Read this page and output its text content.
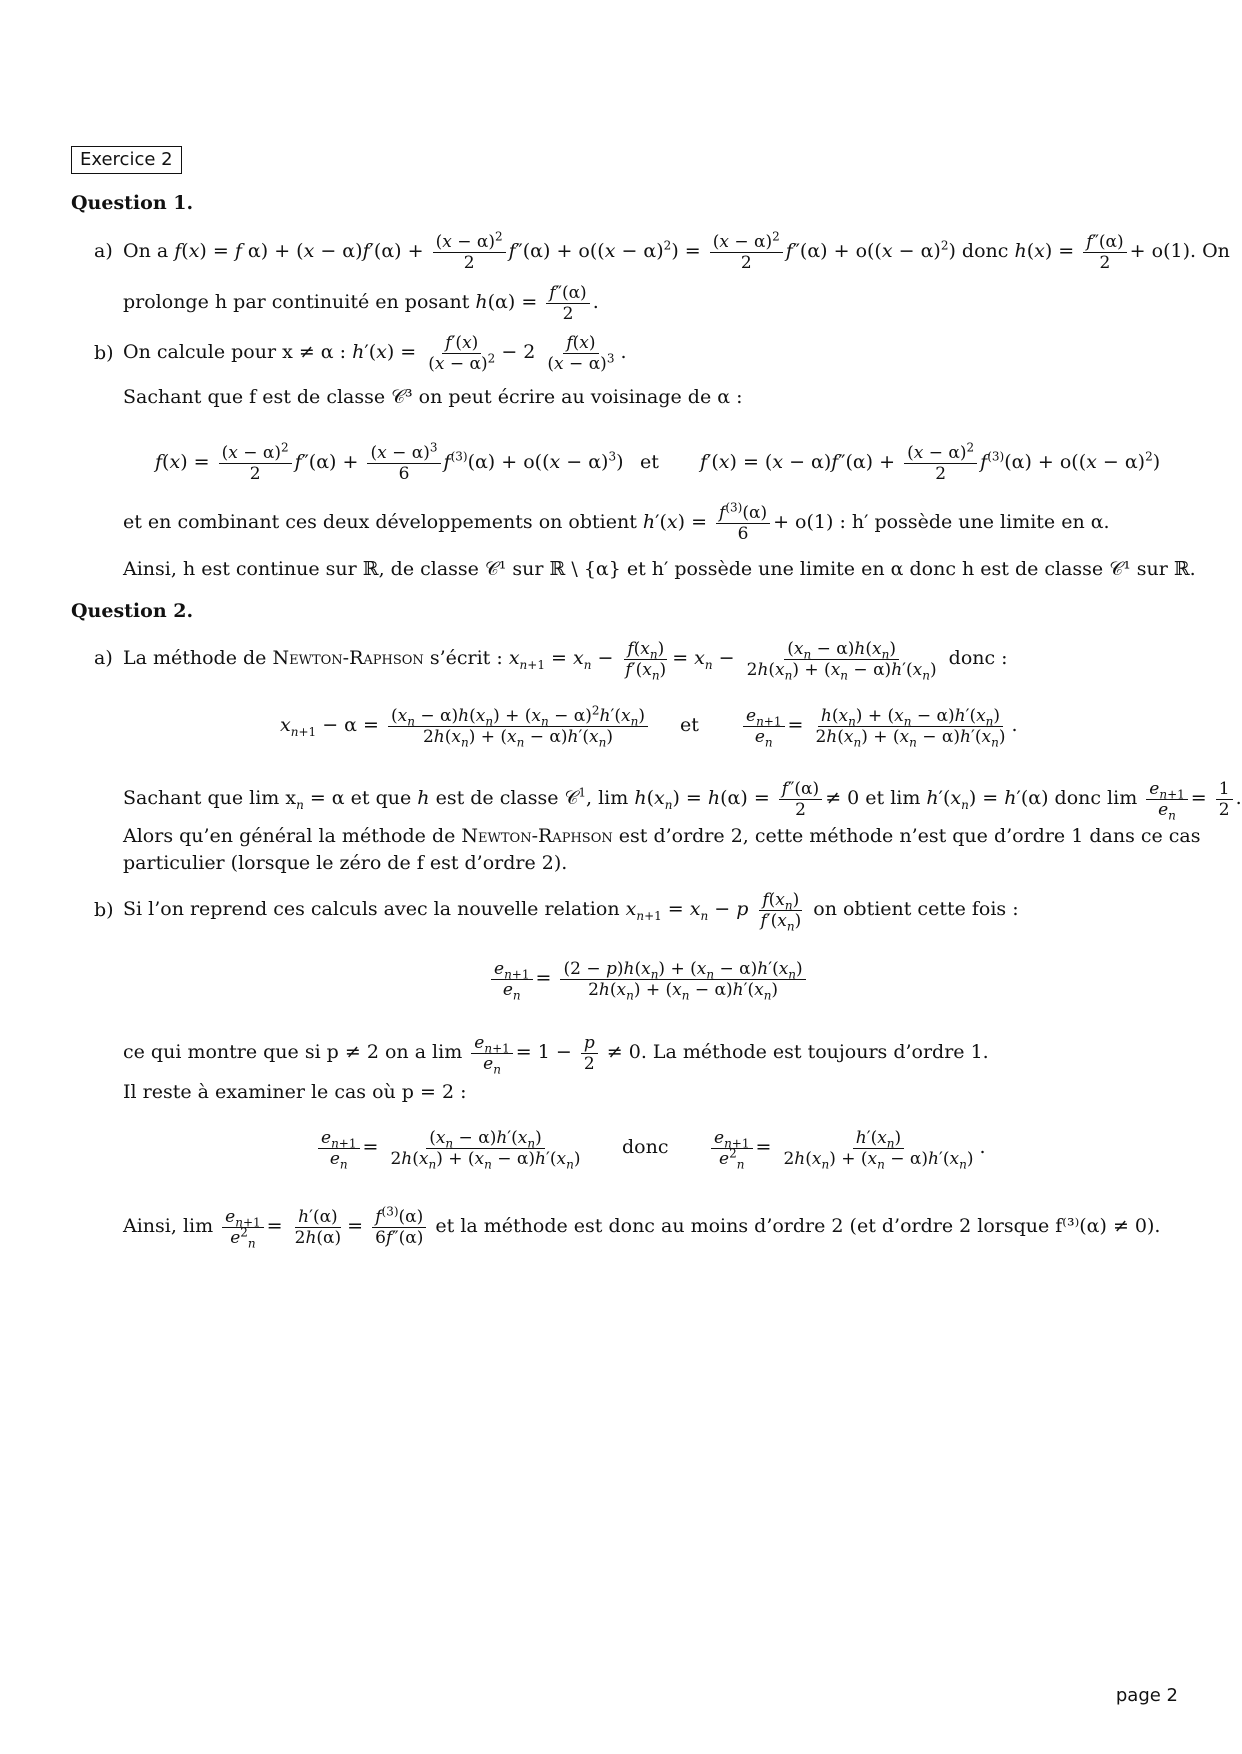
Exercice 2
Question 1.
a) On a f(x) = f $\alpha) + (x - \alpha)f'(\alpha) + \frac{(x - \alpha)^2}{2} f''(\alpha) + o((x - \alpha)^2) = \frac{(x - \alpha)^2}{2} f''(\alpha) + o((x - \alpha)^2)$ donc $h(x) = \frac{f''(\alpha)}{2} + o(1)$. On
prolonge h par continuité en posant $h(\alpha) = \frac{f''(\alpha)}{2}$ .
b) On calcule pour x ≠ α : $h'(x) = \frac{f'(x)}{(x - \alpha)^2} - 2 \frac{f(x)}{(x - \alpha)^3}$ .
Sachant que f est de classe 𝒞³ on peut écrire au voisinage de α :
$f(x) = \frac{(x - \alpha)^2}{2} f''(\alpha) + \frac{(x - \alpha)^3}{6} f^{(3)}(\alpha) + o((x - \alpha)^3)$ et $f'(x) = (x - \alpha)f''(\alpha) + \frac{(x - \alpha)^2}{2} f^{(3)}(\alpha) + o((x - \alpha)^2)$
et en combinant ces deux développements on obtient $h'(x) = \frac{f^{(3)}(\alpha)}{6} + o(1)$ : h′ possède une limite en α.
Ainsi, h est continue sur ℝ, de classe 𝒞¹ sur ℝ \ {α} et h′ possède une limite en α donc h est de classe 𝒞¹ sur ℝ.
Question 2.
a) La méthode de Newton-Raphson s’écrit : $x_{n+1} = x_n - \frac{f(x_n)}{f'(x_n)} = x_n - \frac{(x_n - \alpha)h(x_n)}{2h(x_n) + (x_n - \alpha)h'(x_n)}$ donc :
$x_{n+1} - \alpha = \frac{(x_n - \alpha)h(x_n) + (x_n - \alpha)^2h'(x_n)}{2h(x_n) + (x_n - \alpha)h'(x_n)}$ et	$\frac{e_{n+1}}{e_n} = \frac{h(x_n) + (x_n - \alpha)h'(x_n)}{2h(x_n) + (x_n - \alpha)h'(x_n)}$ .
Sachant que $\lim x_n = \alpha$ et que h est de classe 𝒞$^1$, $\lim h(x_n) = h(\alpha) = \frac{f''(\alpha)}{2} \ne 0$ et $\lim h'(x_n) = h'(\alpha)$ donc $\lim \frac{e_{n+1}}{e_n} = \frac{1}{2}$ .
Alors qu’en général la méthode de Newton-Raphson est d’ordre 2, cette méthode n’est que d’ordre 1 dans ce cas
particulier (lorsque le zéro de f est d’ordre 2).
b) Si l’on reprend ces calculs avec la nouvelle relation $x_{n+1} = x_n - p \frac{f(x_n)}{f'(x_n)}$ on obtient cette fois :
$\frac{e_{n+1}}{e_n} = \frac{(2 - p)h(x_n) + (x_n - \alpha)h'(x_n)}{2h(x_n) + (x_n - \alpha)h'(x_n)}$
ce qui montre que si p ≠ 2 on a $\lim \frac{e_{n+1}}{e_n} = 1 - \frac{p}{2} \ne 0$. La méthode est toujours d’ordre 1.
Il reste à examiner le cas où p = 2 :
$\frac{e_{n+1}}{e_n} = \frac{(x_n - \alpha)h'(x_n)}{2h(x_n) + (x_n - \alpha)h'(x_n)}$ donc	$\frac{e_{n+1}}{e^2_n} = \frac{h'(x_n)}{2h(x_n) + (x_n - \alpha)h'(x_n)}$ .
Ainsi, $\lim \frac{e_{n+1}}{e^2_n} = \frac{h'(\alpha)}{2h(\alpha)} = \frac{f^{(3)}(\alpha)}{6f''(\alpha)}$ et la méthode est donc au moins d’ordre 2 (et d’ordre 2 lorsque f⁽³⁾(α) ≠ 0).
page 2
